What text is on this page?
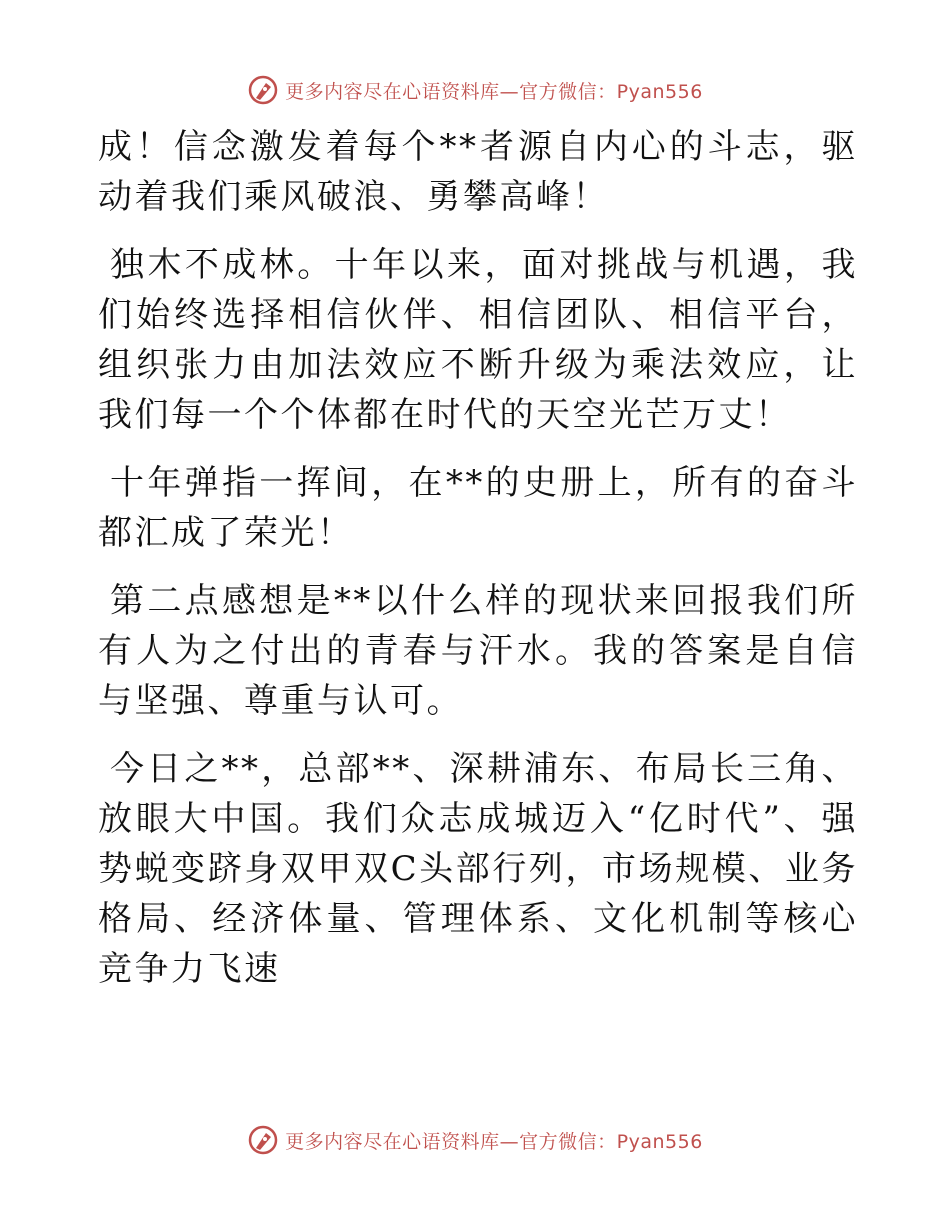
更多内容尽在心语资料库—官方微信：Pyan556

成！信念激发着每个**者源自内心的斗志，驱动着我们乘风破浪、勇攀高峰！

独木不成林。十年以来，面对挑战与机遇，我们始终选择相信伙伴、相信团队、相信平台，组织张力由加法效应不断升级为乘法效应，让我们每一个个体都在时代的天空光芒万丈！

十年弹指一挥间，在**的史册上，所有的奋斗都汇成了荣光！

第二点感想是**以什么样的现状来回报我们所有人为之付出的青春与汗水。我的答案是自信与坚强、尊重与认可。

今日之**，总部**、深耕浦东、布局长三角、放眼大中国。我们众志成城迈入“亿时代”、强势蜕变跻身双甲双C头部行列，市场规模、业务格局、经济体量、管理体系、文化机制等核心竞争力飞速

更多内容尽在心语资料库—官方微信：Pyan556
